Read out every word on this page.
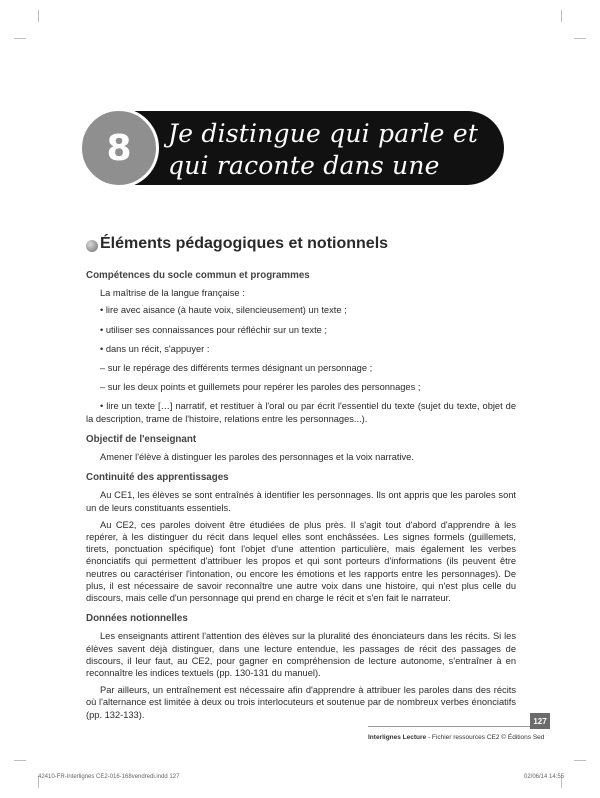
8	Je distingue qui parle et
qui raconte dans une histoire
Éléments pédagogiques et notionnels
Compétences du socle commun et programmes
La maîtrise de la langue française :
• lire avec aisance (à haute voix, silencieusement) un texte ;
• utiliser ses connaissances pour réfléchir sur un texte ;
• dans un récit, s'appuyer :
– sur le repérage des différents termes désignant un personnage ;
– sur les deux points et guillemets pour repérer les paroles des personnages ;
• lire un texte […] narratif, et restituer à l'oral ou par écrit l'essentiel du texte (sujet du texte, objet de la description, trame de l'histoire, relations entre les personnages...).
Objectif de l'enseignant
Amener l'élève à distinguer les paroles des personnages et la voix narrative.
Continuité des apprentissages
Au CE1, les élèves se sont entraînés à identifier les personnages. Ils ont appris que les paroles sont un de leurs constituants essentiels.
Au CE2, ces paroles doivent être étudiées de plus près. Il s'agit tout d'abord d'apprendre à les repérer, à les distinguer du récit dans lequel elles sont enchâssées. Les signes formels (guillemets, tirets, ponctuation spécifique) font l'objet d'une attention particulière, mais également les verbes énonciatifs qui permettent d'attribuer les propos et qui sont porteurs d'informations (ils peuvent être neutres ou caractériser l'intonation, ou encore les émotions et les rapports entre les personnages). De plus, il est nécessaire de savoir reconnaître une autre voix dans une histoire, qui n'est plus celle du discours, mais celle d'un personnage qui prend en charge le récit et s'en fait le narrateur.
Données notionnelles
Les enseignants attirent l'attention des élèves sur la pluralité des énonciateurs dans les récits. Si les élèves savent déjà distinguer, dans une lecture entendue, les passages de récit des passages de discours, il leur faut, au CE2, pour gagner en compréhension de lecture autonome, s'entraîner à en reconnaître les indices textuels (pp. 130-131 du manuel).
Par ailleurs, un entraînement est nécessaire afin d'apprendre à attribuer les paroles dans des récits où l'alternance est limitée à deux ou trois interlocuteurs et soutenue par de nombreux verbes énonciatifs (pp. 132-133).
127
Interlignes Lecture - Fichier ressources CE2 © Éditions Sed
42410-FR-Interlignes CE2-016-168vendredi.indd 127	02/06/14 14:55
